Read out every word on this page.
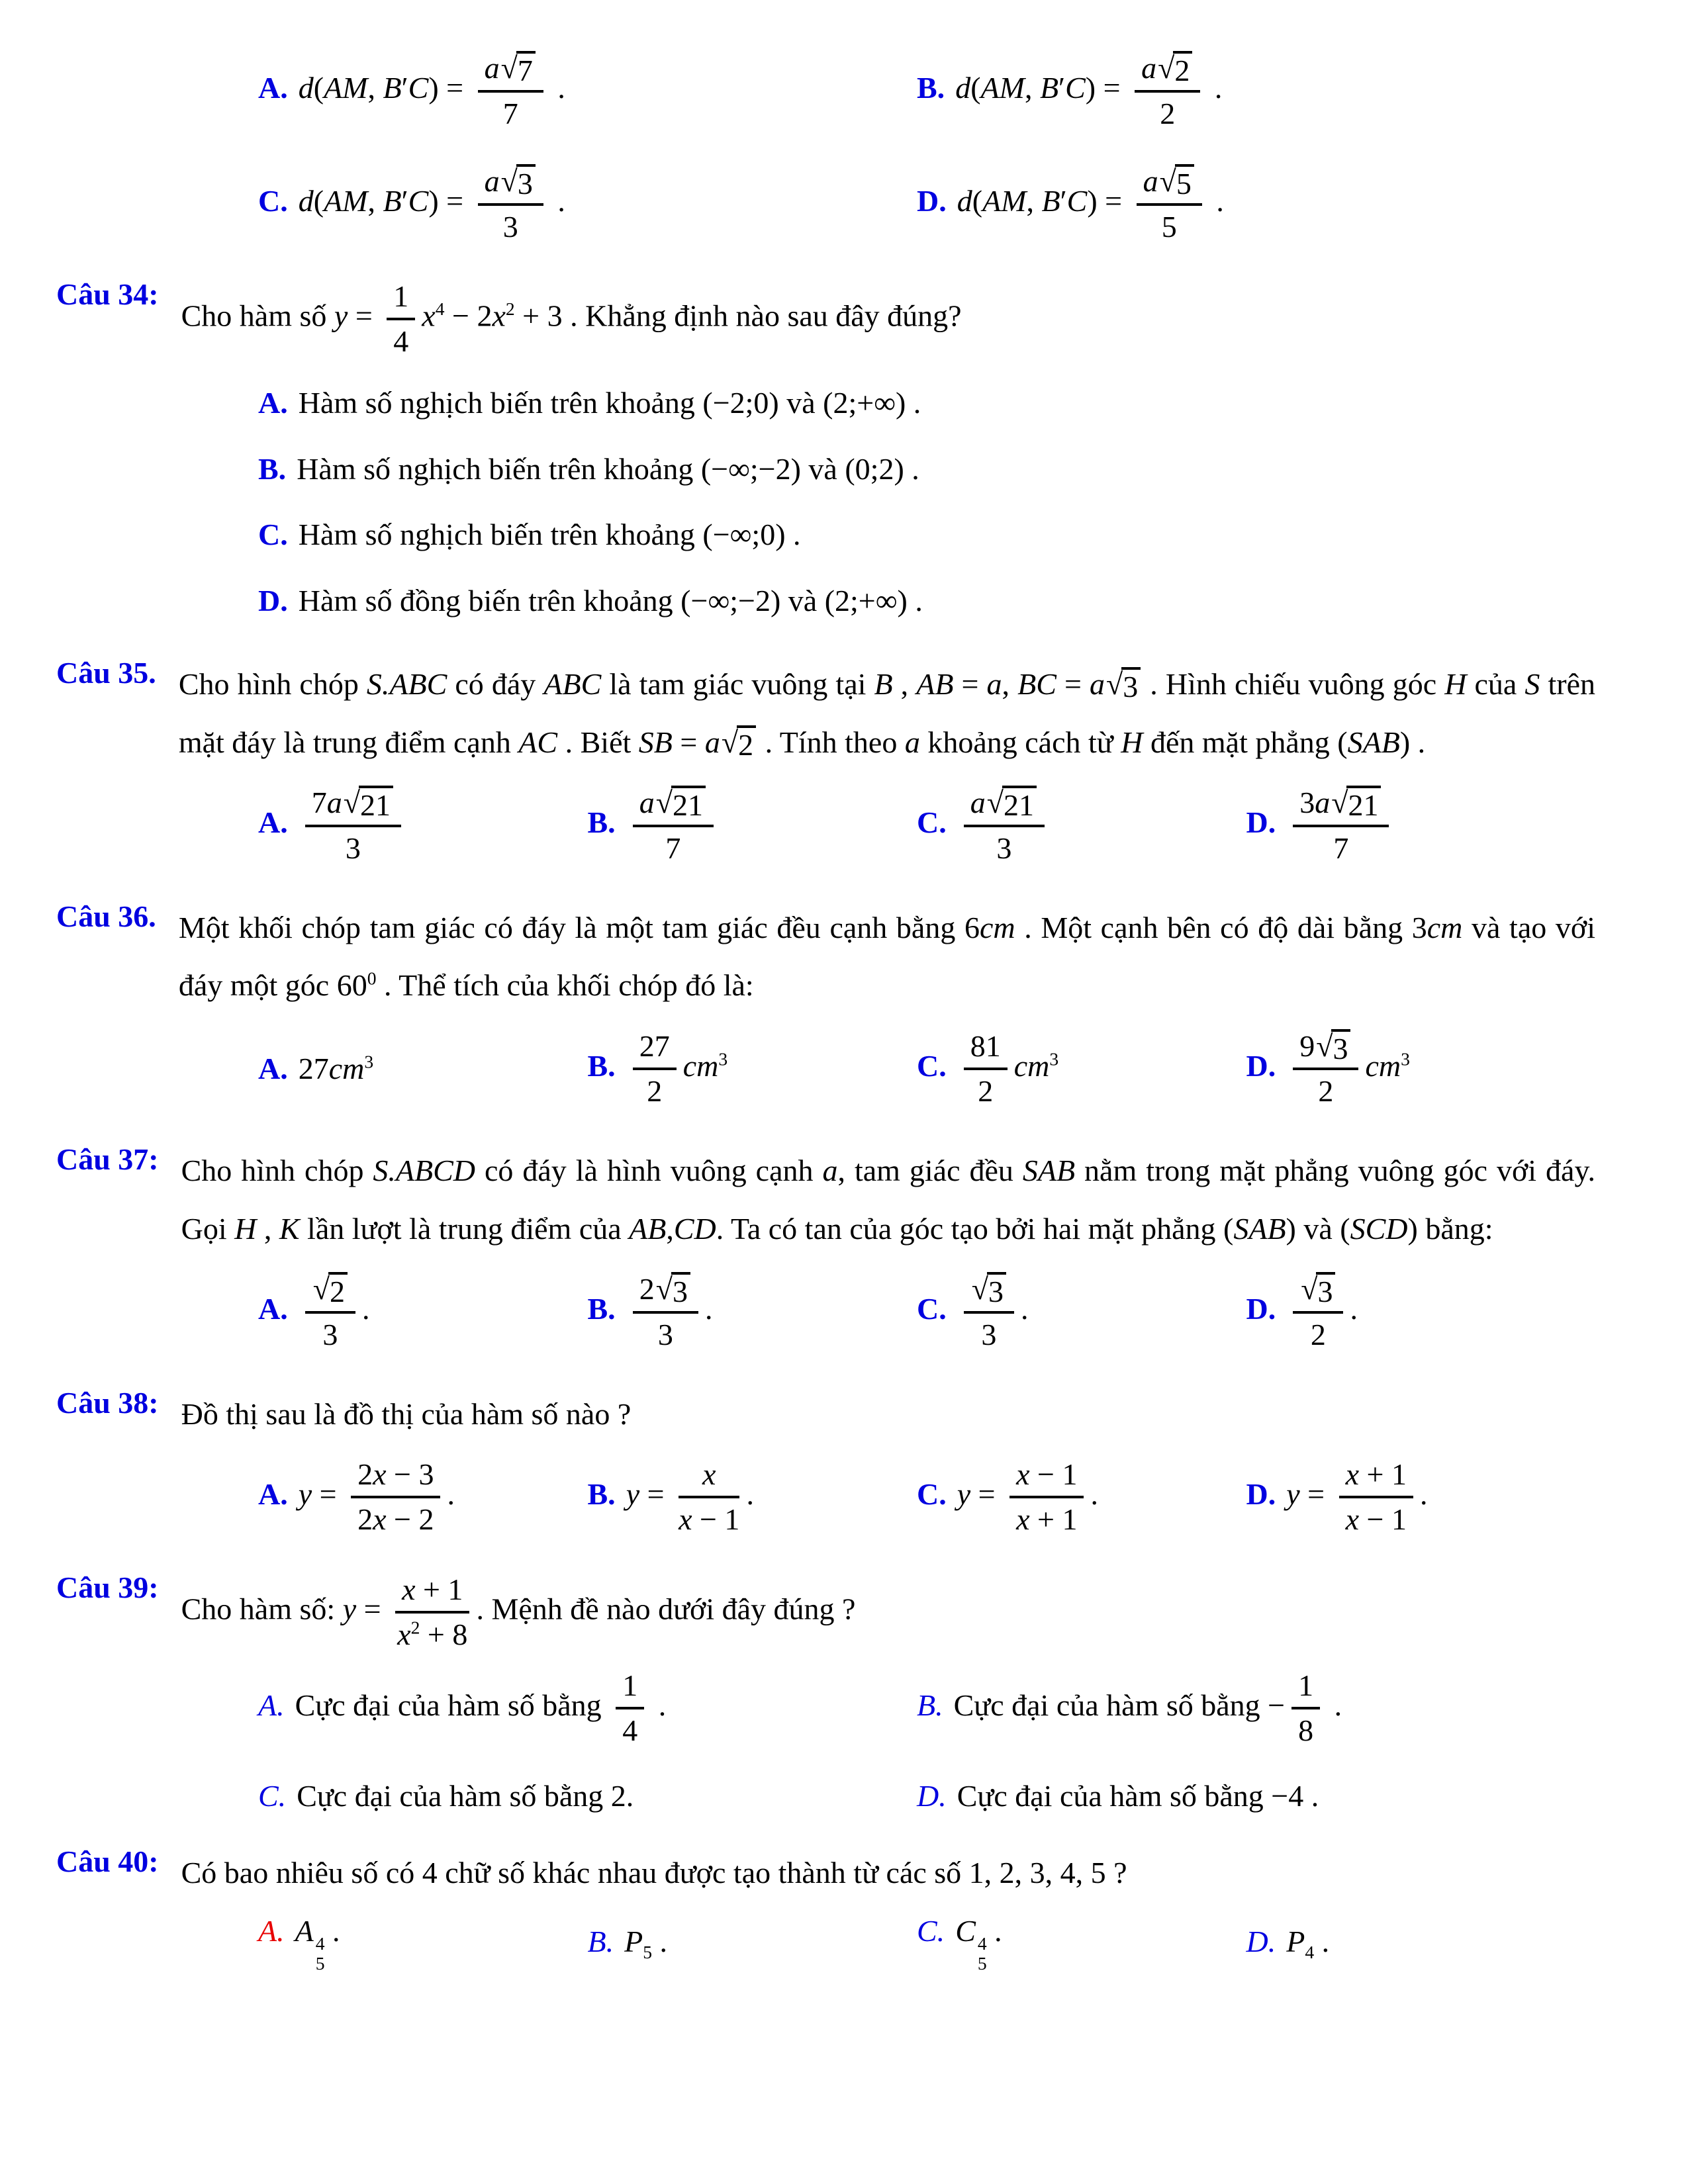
A. d(AM, $B'C) = \frac{a √ 7}{7}$ .	B. d(AM, $B'C) = \frac{a √ 2}{2}$ .
C. d(AM, $B'C) = \frac{a √ 3}{3}$ .	D. d(AM, $B'C) = \frac{a √ 5}{5}$ .
Câu 34:
Cho hàm số $y = \frac{1}{4} x^4 - 2x^2 + 3$ . Khẳng định nào sau đây đúng?
A. Hàm số nghịch biến trên khoảng (−2;0) và (2;+∞) .
B. Hàm số nghịch biến trên khoảng (−∞;−2) và (0;2) .
C. Hàm số nghịch biến trên khoảng (−∞;0) .
D. Hàm số đồng biến trên khoảng (−∞;−2) và (2;+∞) .
Câu 35. Cho hình chóp S.ABC có đáy ABC là tam giác vuông tại B , AB = a, BC = a √ 3 . Hình chiếu vuông góc H của S trên mặt đáy là trung điểm cạnh AC . Biết SB = a √ 2 . Tính theo a khoảng cách từ H đến mặt phẳng (SAB) .
A. $\frac{7a √ 21}{3}$	B. $\frac{a √ 21}{7}$	C. $\frac{a √ 21}{3}$	D. $\frac{3a √ 21}{7}$
Câu 36. Một khối chóp tam giác có đáy là một tam giác đều cạnh bằng 6cm . Một cạnh bên có độ dài bằng 3cm và tạo với đáy một góc $60^0$ . Thể tích của khối chóp đó là:
A. $27cm^3$	B. $\frac{27}{2} cm^3$	C. $\frac{81}{2} cm^3$	D. $\frac{9 √ 3}{2} cm^3$
Câu 37: Cho hình chóp S.ABCD có đáy là hình vuông cạnh a, tam giác đều SAB nằm trong mặt phẳng vuông góc với đáy. Gọi H , K lần lượt là trung điểm của AB,CD. Ta có tan của góc tạo bởi hai mặt phẳng (SAB) và (SCD) bằng:
A. $\frac{√ 2}{3}$ .	B. $\frac{2 √ 3}{3}$ .	C. $\frac{√ 3}{3}$ .	D. $\frac{√ 3}{2}$ .
Câu 38: Đồ thị sau là đồ thị của hàm số nào ?
A. $y = \frac{2x - 3}{2x - 2}$ .	B. $y = \frac{x}{x - 1}$ .	C. $y = \frac{x - 1}{x + 1}$ .	D. $y = \frac{x + 1}{x - 1}$ .
Câu 39:
Cho hàm số: $y = \frac{x + 1}{x^2 + 8}$ . Mệnh đề nào dưới đây đúng ?
A. Cực đại của hàm số bằng $\frac{1}{4}$ .	B. Cực đại của hàm số bằng − $\frac{1}{8}$ .
C. Cực đại của hàm số bằng 2.	D. Cực đại của hàm số bằng −4 .
Câu 40: Có bao nhiêu số có 4 chữ số khác nhau được tạo thành từ các số 1, 2, 3, 4, 5 ?
A. A 4
5
.	B. $P_5$ .	C. C 4
5
.	D. $P_4$ .
